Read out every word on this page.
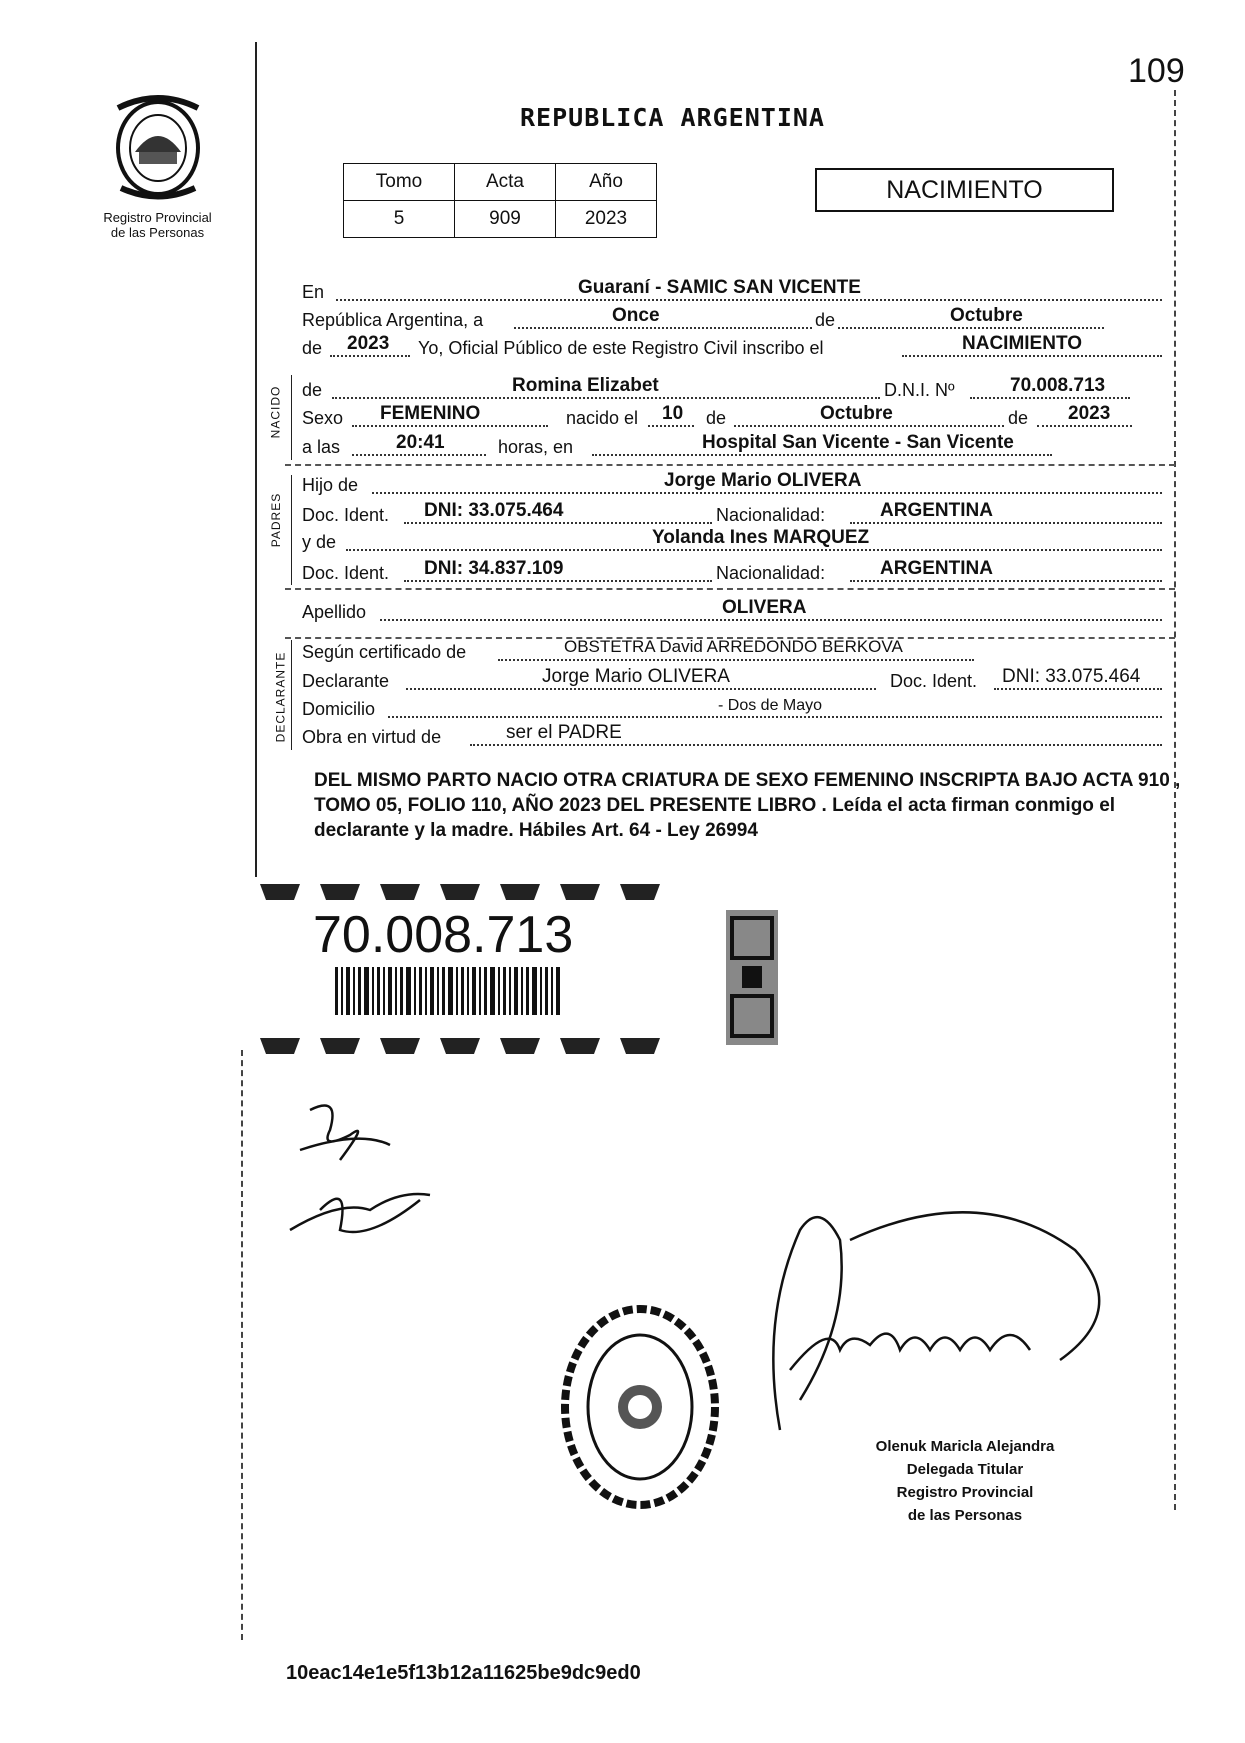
109
Registro Provincial
de las Personas
REPUBLICA ARGENTINA
Tomo	Acta	Año
5	909	2023
NACIMIENTO
NACIDO
PADRES
DECLARANTE
En	Guaraní - SAMIC SAN VICENTE
República Argentina, a	Once	de	Octubre
de 2023 Yo, Oficial Público de este Registro Civil inscribo el	NACIMIENTO
de	Romina Elizabet	D.N.I. Nº	70.008.713
Sexo FEMENINO	nacido el 10 de	Octubre	de 2023
a las	20:41	horas, en	Hospital San Vicente - San Vicente
Hijo de	Jorge Mario OLIVERA
Doc. Ident. DNI: 33.075.464	Nacionalidad:	ARGENTINA
y de	Yolanda Ines MARQUEZ
Doc. Ident. DNI: 34.837.109	Nacionalidad:	ARGENTINA
Apellido	OLIVERA
Según certificado de	OBSTETRA David ARREDONDO BERKOVA
Declarante	Jorge Mario OLIVERA	Doc. Ident. DNI: 33.075.464
Domicilio	- Dos de Mayo
Obra en virtud de	ser el PADRE
DEL MISMO PARTO NACIO OTRA CRIATURA DE SEXO FEMENINO INSCRIPTA BAJO ACTA 910 , TOMO 05, FOLIO 110, AÑO 2023 DEL PRESENTE LIBRO . Leída el acta firman conmigo el declarante y la madre. Hábiles Art. 64 - Ley 26994
70.008.713
Olenuk Maricla Alejandra
Delegada Titular
Registro Provincial
de las Personas
10eac14e1e5f13b12a11625be9dc9ed0
